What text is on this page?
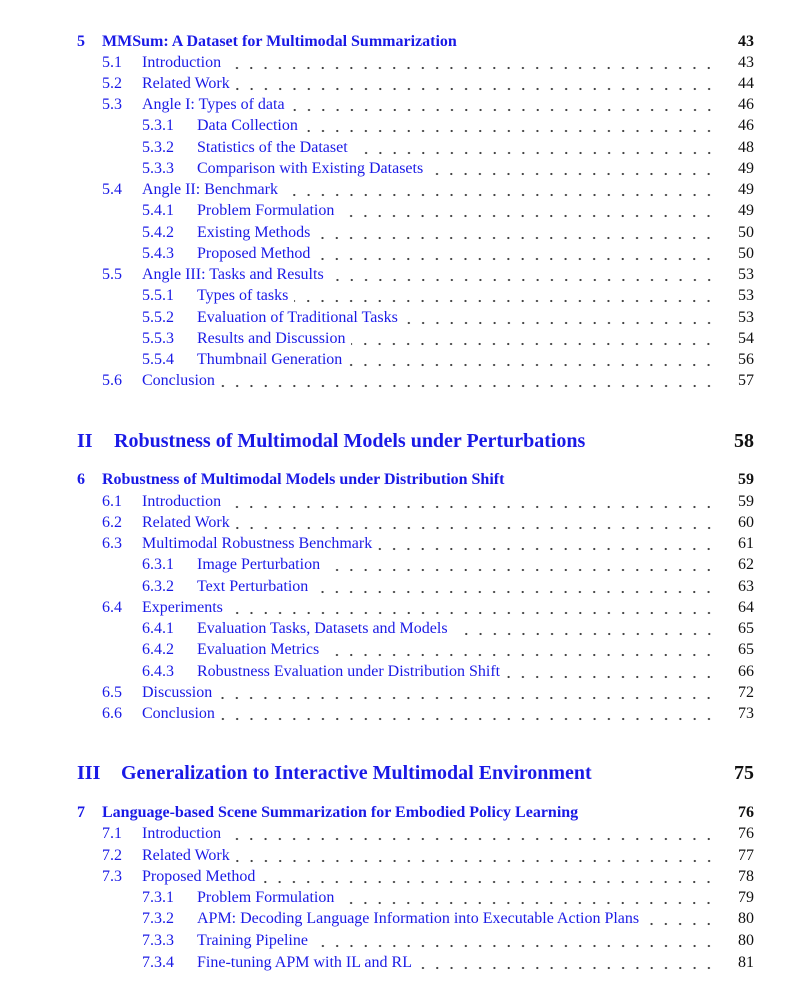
5	MMSum: A Dataset for Multimodal Summarization	43
5.1	Introduction	43
5.2	Related Work	44
5.3	Angle I: Types of data	46
5.3.1	Data Collection	46
5.3.2	Statistics of the Dataset	48
5.3.3	Comparison with Existing Datasets	49
5.4	Angle II: Benchmark	49
5.4.1	Problem Formulation	49
5.4.2	Existing Methods	50
5.4.3	Proposed Method	50
5.5	Angle III: Tasks and Results	53
5.5.1	Types of tasks	53
5.5.2	Evaluation of Traditional Tasks	53
5.5.3	Results and Discussion	54
5.5.4	Thumbnail Generation	56
5.6	Conclusion	57
II	Robustness of Multimodal Models under Perturbations	58
6	Robustness of Multimodal Models under Distribution Shift	59
6.1	Introduction	59
6.2	Related Work	60
6.3	Multimodal Robustness Benchmark	61
6.3.1	Image Perturbation	62
6.3.2	Text Perturbation	63
6.4	Experiments	64
6.4.1	Evaluation Tasks, Datasets and Models	65
6.4.2	Evaluation Metrics	65
6.4.3	Robustness Evaluation under Distribution Shift	66
6.5	Discussion	72
6.6	Conclusion	73
III	Generalization to Interactive Multimodal Environment	75
7	Language-based Scene Summarization for Embodied Policy Learning	76
7.1	Introduction	76
7.2	Related Work	77
7.3	Proposed Method	78
7.3.1	Problem Formulation	79
7.3.2	APM: Decoding Language Information into Executable Action Plans	80
7.3.3	Training Pipeline	80
7.3.4	Fine-tuning APM with IL and RL	81
